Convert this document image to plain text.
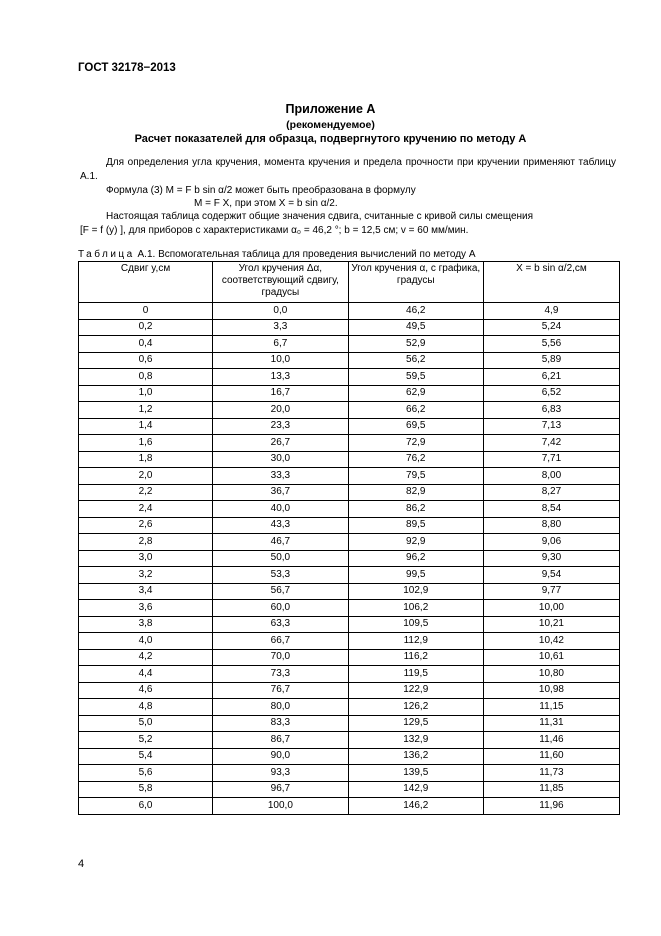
ГОСТ 32178−2013
Приложение А
(рекомендуемое)
Расчет показателей для образца, подвергнутого кручению по методу А
Для определения угла кручения, момента кручения и предела прочности при кручении применяют таблицу А.1.
Формула (3) M = F b sin α/2 может быть преобразована в формулу
M = F X, при этом X = b sin α/2.
Настоящая таблица содержит общие значения сдвига, считанные с кривой силы смещения
[F = f (y) ], для приборов с характеристиками α₀ = 46,2 °; b = 12,5 см; v = 60 мм/мин.
Таблица А.1. Вспомогательная таблица для проведения вычислений по методу А
Сдвиг y,см	Угол кручения Δα, соответствующий сдвигу, градусы	Угол кручения α, с графика, градусы	X = b sin α/2,см
0	0,0	46,2	4,9
0,2	3,3	49,5	5,24
0,4	6,7	52,9	5,56
0,6	10,0	56,2	5,89
0,8	13,3	59,5	6,21
1,0	16,7	62,9	6,52
1,2	20,0	66,2	6,83
1,4	23,3	69,5	7,13
1,6	26,7	72,9	7,42
1,8	30,0	76,2	7,71
2,0	33,3	79,5	8,00
2,2	36,7	82,9	8,27
2,4	40,0	86,2	8,54
2,6	43,3	89,5	8,80
2,8	46,7	92,9	9,06
3,0	50,0	96,2	9,30
3,2	53,3	99,5	9,54
3,4	56,7	102,9	9,77
3,6	60,0	106,2	10,00
3,8	63,3	109,5	10,21
4,0	66,7	112,9	10,42
4,2	70,0	116,2	10,61
4,4	73,3	119,5	10,80
4,6	76,7	122,9	10,98
4,8	80,0	126,2	11,15
5,0	83,3	129,5	11,31
5,2	86,7	132,9	11,46
5,4	90,0	136,2	11,60
5,6	93,3	139,5	11,73
5,8	96,7	142,9	11,85
6,0	100,0	146,2	11,96
4
